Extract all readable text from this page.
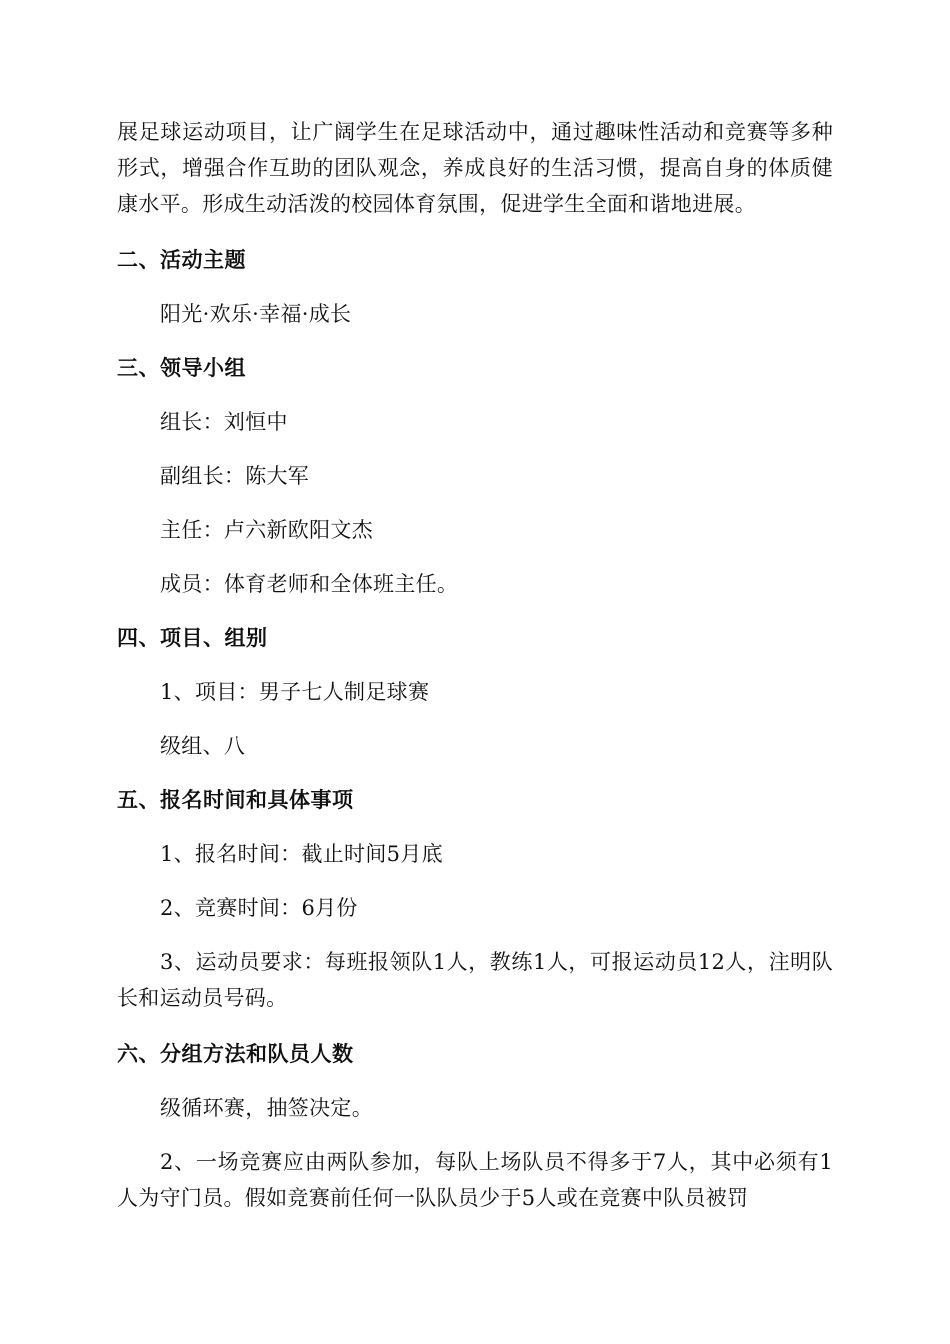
展足球运动项目，让广阔学生在足球活动中，通过趣味性活动和竞赛等多种形式，增强合作互助的团队观念，养成良好的生活习惯，提高自身的体质健康水平。形成生动活泼的校园体育氛围，促进学生全面和谐地进展。

二、活动主题

阳光·欢乐·幸福·成长

三、领导小组

组长：刘恒中

副组长：陈大军

主任：卢六新欧阳文杰

成员：体育老师和全体班主任。

四、项目、组别

1、项目：男子七人制足球赛

级组、八

五、报名时间和具体事项

1、报名时间：截止时间5月底

2、竞赛时间：6月份

3、运动员要求：每班报领队1人，教练1人，可报运动员12人，注明队长和运动员号码。

六、分组方法和队员人数

级循环赛，抽签决定。

2、一场竞赛应由两队参加，每队上场队员不得多于7人，其中必须有1人为守门员。假如竞赛前任何一队队员少于5人或在竞赛中队员被罚
